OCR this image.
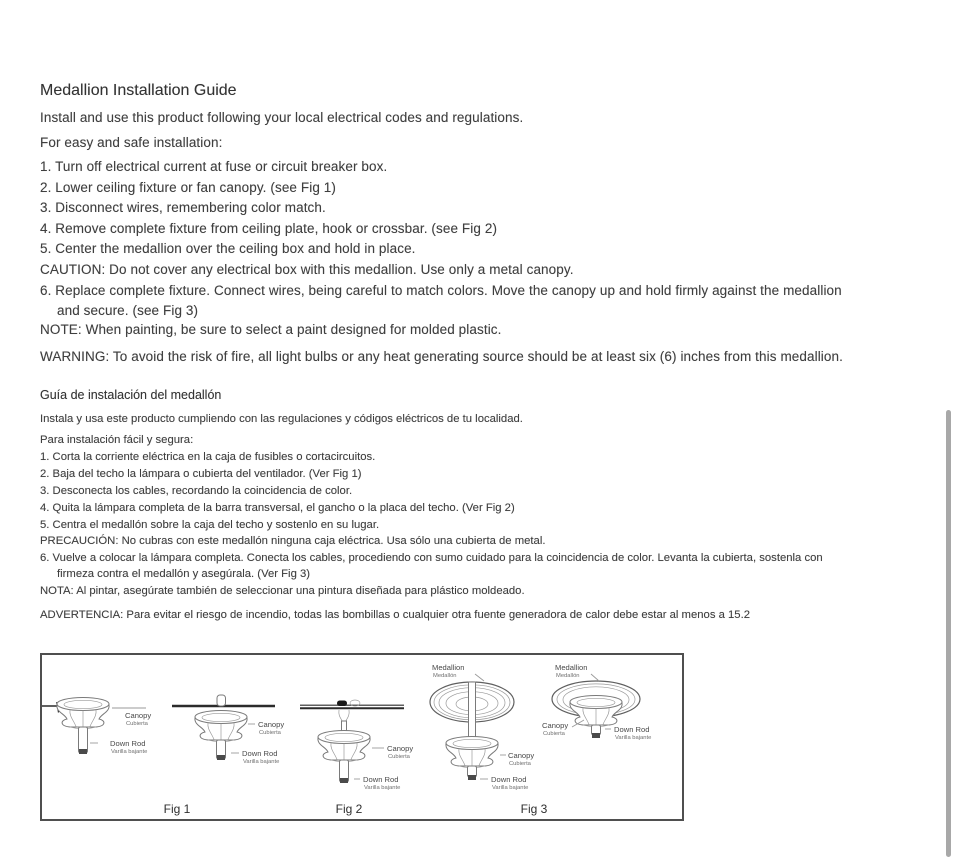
Medallion Installation Guide
Install and use this product following your local electrical codes and regulations.
For easy and safe installation:
1. Turn off electrical current at fuse or circuit breaker box.
2. Lower ceiling fixture or fan canopy. (see Fig 1)
3. Disconnect wires, remembering color match.
4. Remove complete fixture from ceiling plate, hook or crossbar. (see Fig 2)
5. Center the medallion over the ceiling box and hold in place.
CAUTION: Do not cover any electrical box with this medallion. Use only a metal canopy.
6. Replace complete fixture. Connect wires, being careful to match colors. Move the canopy up and hold firmly against the medallion
and secure. (see Fig 3)
NOTE: When painting, be sure to select a paint designed for molded plastic.
WARNING: To avoid the risk of fire, all light bulbs or any heat generating source should be at least six (6) inches from this medallion.
Guía de instalación del medallón
Instala y usa este producto cumpliendo con las regulaciones y códigos eléctricos de tu localidad.
Para instalación fácil y segura:
1. Corta la corriente eléctrica en la caja de fusibles o cortacircuitos.
2. Baja del techo la lámpara o cubierta del ventilador. (Ver Fig 1)
3. Desconecta los cables, recordando la coincidencia de color.
4. Quita la lámpara completa de la barra transversal, el gancho o la placa del techo. (Ver Fig 2)
5. Centra el medallón sobre la caja del techo y sostenlo en su lugar.
PRECAUCIÓN: No cubras con este medallón ninguna caja eléctrica. Usa sólo una cubierta de metal.
6. Vuelve a colocar la lámpara completa. Conecta los cables, procediendo con sumo cuidado para la coincidencia de color. Levanta la cubierta, sostenla con
firmeza contra el medallón y asegúrala. (Ver Fig 3)
NOTA: Al pintar, asegúrate también de seleccionar una pintura diseñada para plástico moldeado.
ADVERTENCIA: Para evitar el riesgo de incendio, todas las bombillas o cualquier otra fuente generadora de calor debe estar al menos a 15.2
Canopy
Cubierta
Down Rod
Varilla bajante
Canopy
Cubierta
Down Rod
Varilla bajante
Fig 1
Canopy
Cubierta
Down Rod
Varilla bajante
Fig 2
Medallion
Medallón
Canopy
Cubierta
Down Rod
Varilla bajante
Medallion
Medallón
Canopy
Cubierta	Down Rod
Varilla bajante
Fig 3
